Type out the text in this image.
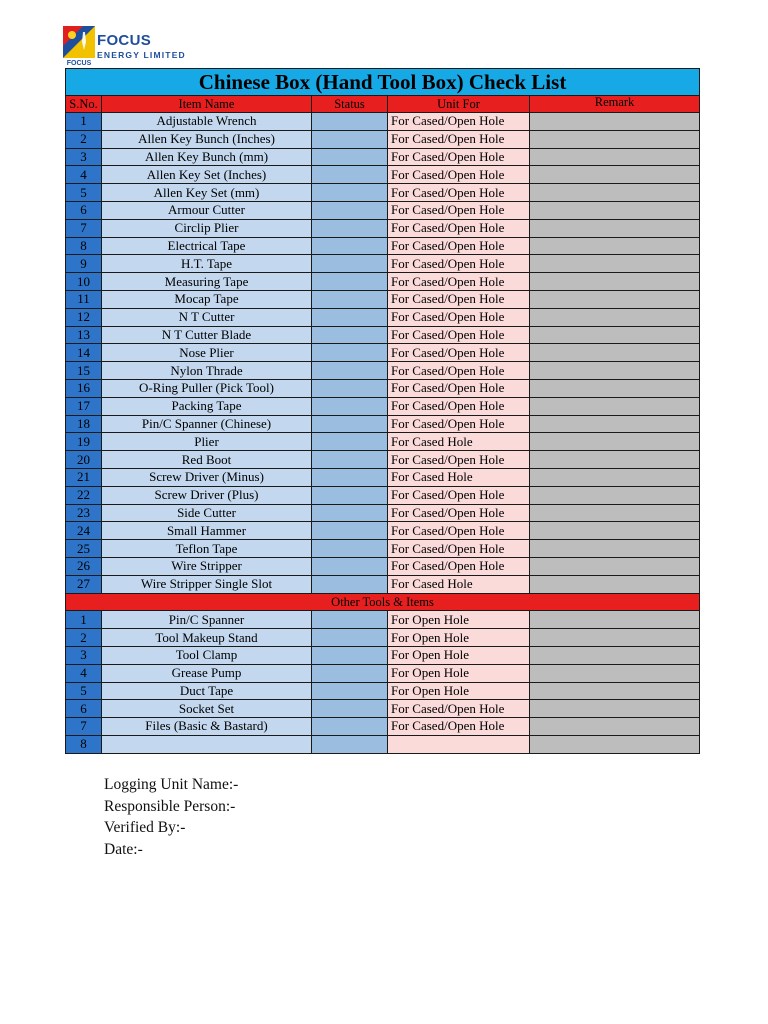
FOCUS
FOCUS
ENERGY LIMITED
Chinese Box (Hand Tool Box) Check List				
S.No.	Item Name	Status	Unit For	Remark
1	Adjustable Wrench		For Cased/Open Hole	
2	Allen Key Bunch (Inches)		For Cased/Open Hole	
3	Allen Key Bunch (mm)		For Cased/Open Hole	
4	Allen Key Set (Inches)		For Cased/Open Hole	
5	Allen Key Set (mm)		For Cased/Open Hole	
6	Armour Cutter		For Cased/Open Hole	
7	Circlip Plier		For Cased/Open Hole	
8	Electrical Tape		For Cased/Open Hole	
9	H.T. Tape		For Cased/Open Hole	
10	Measuring Tape		For Cased/Open Hole	
11	Mocap Tape		For Cased/Open Hole	
12	N T Cutter		For Cased/Open Hole	
13	N T Cutter Blade		For Cased/Open Hole	
14	Nose Plier		For Cased/Open Hole	
15	Nylon Thrade		For Cased/Open Hole	
16	O-Ring Puller (Pick Tool)		For Cased/Open Hole	
17	Packing Tape		For Cased/Open Hole	
18	Pin/C Spanner (Chinese)		For Cased/Open Hole	
19	Plier		For Cased Hole	
20	Red Boot		For Cased/Open Hole	
21	Screw Driver (Minus)		For Cased Hole	
22	Screw Driver (Plus)		For Cased/Open Hole	
23	Side Cutter		For Cased/Open Hole	
24	Small Hammer		For Cased/Open Hole	
25	Teflon Tape		For Cased/Open Hole	
26	Wire Stripper		For Cased/Open Hole	
27	Wire Stripper Single Slot		For Cased Hole	
Other Tools & Items				
1	Pin/C Spanner		For Open Hole	
2	Tool Makeup Stand		For Open Hole	
3	Tool Clamp		For Open Hole	
4	Grease Pump		For Open Hole	
5	Duct Tape		For Open Hole	
6	Socket Set		For Cased/Open Hole	
7	Files (Basic & Bastard)		For Cased/Open Hole	
8				
Logging Unit Name:-
Responsible Person:-
Verified By:-
Date:-
